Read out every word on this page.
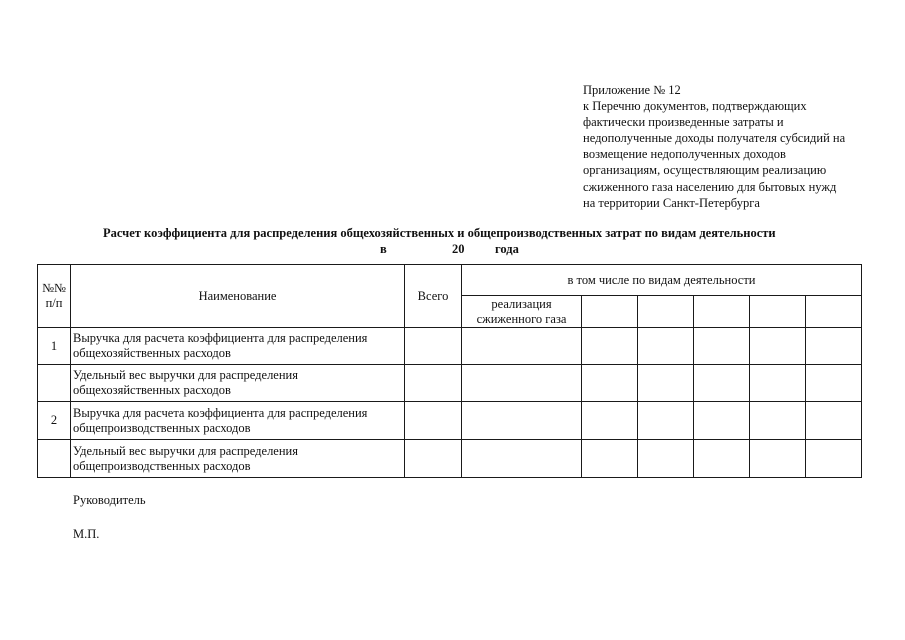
Приложение № 12
к Перечню документов, подтверждающих
фактически произведенные затраты и
недополученные доходы получателя субсидий на
возмещение недополученных доходов
организациям, осуществляющим реализацию
сжиженного газа населению для бытовых нужд
на территории Санкт-Петербурга
Расчет коэффициента для распределения общехозяйственных и общепроизводственных затрат по видам деятельности
в	20 года
№№
п/п
Наименование	Всего
в том числе по видам деятельности
реализация
сжиженного газа
1
Выручка для расчета коэффициента для распределения
общехозяйственных расходов
Удельный вес выручки для распределения
общехозяйственных расходов
2
Выручка для расчета коэффициента для распределения
общепроизводственных расходов
Удельный вес выручки для распределения
общепроизводственных расходов
Руководитель
М.П.
